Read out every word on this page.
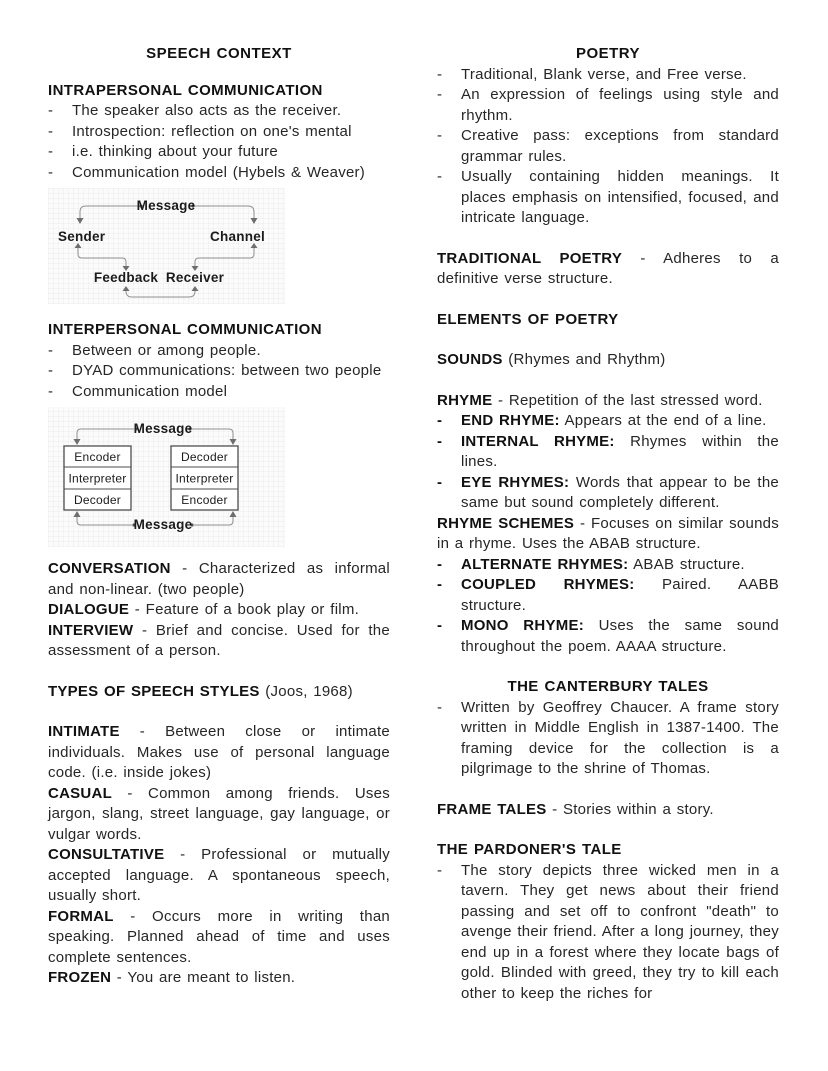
SPEECH CONTEXT
INTRAPERSONAL COMMUNICATION
-	The speaker also acts as the receiver.
-	Introspection: reflection on one's mental
-	i.e. thinking about your future
-	Communication model (Hybels & Weaver)
Message
Sender	Channel
Feedback Receiver
INTERPERSONAL COMMUNICATION
-	Between or among people.
-	DYAD communications: between two people
-	Communication model
Encoder
Interpreter
Decoder
Decoder
Interpreter
Encoder
Message
Message

CONVERSATION - Characterized as informal and non-linear. (two people)

DIALOGUE - Feature of a book play or film.

INTERVIEW - Brief and concise. Used for the assessment of a person.

TYPES OF SPEECH STYLES (Joos, 1968)

INTIMATE - Between close or intimate individuals. Makes use of personal language code. (i.e. inside jokes)

CASUAL - Common among friends. Uses jargon, slang, street language, gay language, or vulgar words.

CONSULTATIVE - Professional or mutually accepted language. A spontaneous speech, usually short.

FORMAL - Occurs more in writing than speaking. Planned ahead of time and uses complete sentences.

FROZEN - You are meant to listen.

POETRY
-	Traditional, Blank verse, and Free verse.
-	An expression of feelings using style and rhythm.
-	Creative pass: exceptions from standard grammar rules.
-	Usually containing hidden meanings. It places emphasis on intensified, focused, and intricate language.

TRADITIONAL POETRY - Adheres to a definitive verse structure.

ELEMENTS OF POETRY

SOUNDS (Rhymes and Rhythm)

RHYME - Repetition of the last stressed word.

-	END RHYME: Appears at the end of a line.
-	INTERNAL RHYME: Rhymes within the lines.
-	EYE RHYMES: Words that appear to be the same but sound completely different.

RHYME SCHEMES - Focuses on similar sounds in a rhyme. Uses the ABAB structure.

-	ALTERNATE RHYMES: ABAB structure.
-	COUPLED RHYMES: Paired. AABB structure.
-	MONO RHYME: Uses the same sound throughout the poem. AAAA structure.
THE CANTERBURY TALES
-	Written by Geoffrey Chaucer. A frame story written in Middle English in 1387-1400. The framing device for the collection is a pilgrimage to the shrine of Thomas.

FRAME TALES - Stories within a story.

THE PARDONER'S TALE
-	The story depicts three wicked men in a tavern. They get news about their friend passing and set off to confront "death" to avenge their friend. After a long journey, they end up in a forest where they locate bags of gold. Blinded with greed, they try to kill each other to keep the riches for
